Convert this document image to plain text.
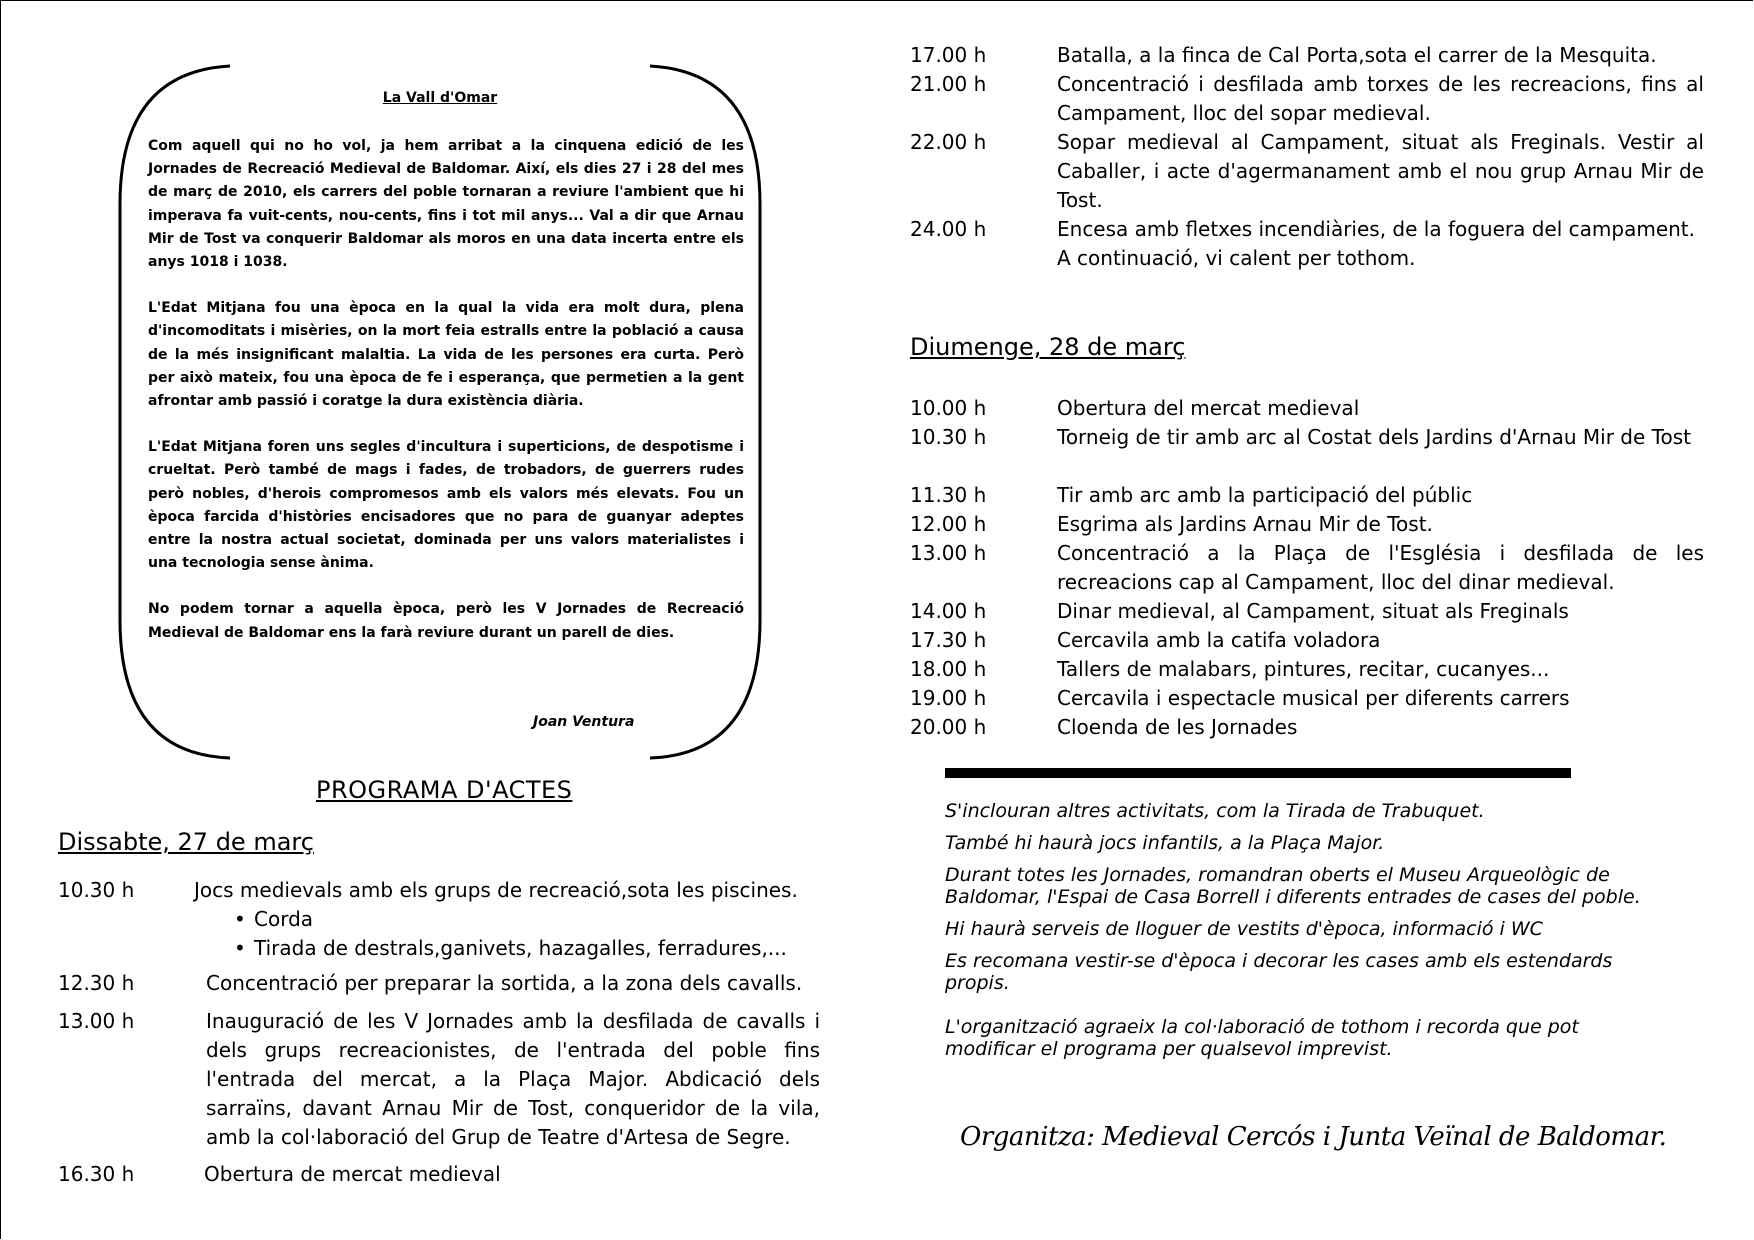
La Vall d'Omar

Com aquell qui no ho vol, ja hem arribat a la cinquena edició de les Jornades de Recreació Medieval de Baldomar. Així, els dies 27 i 28 del mes de març de 2010, els carrers del poble tornaran a reviure l'ambient que hi imperava fa vuit-cents, nou-cents, fins i tot mil anys... Val a dir que Arnau Mir de Tost va conquerir Baldomar als moros en una data incerta entre els anys 1018 i 1038.

L'Edat Mitjana fou una època en la qual la vida era molt dura, plena d'incomoditats i misèries, on la mort feia estralls entre la població a causa de la més insignificant malaltia. La vida de les persones era curta. Però per això mateix, fou una època de fe i esperança, que permetien a la gent afrontar amb passió i coratge la dura existència diària.

L'Edat Mitjana foren uns segles d'incultura i superticions, de despotisme i crueltat. Però també de mags i fades, de trobadors, de guerrers rudes però nobles, d'herois compromesos amb els valors més elevats. Fou un època farcida d'històries encisadores que no para de guanyar adeptes entre la nostra actual societat, dominada per uns valors materialistes i una tecnologia sense ànima.

No podem tornar a aquella època, però les V Jornades de Recreació Medieval de Baldomar ens la farà reviure durant un parell de dies.

Joan Ventura
PROGRAMA D'ACTES
Dissabte, 27 de març
10.30 h	Jocs medievals amb els grups de recreació,sota les piscines.
• Corda
• Tirada de destrals,ganivets, hazagalles, ferradures,...
12.30 h	Concentració per preparar la sortida, a la zona dels cavalls.
13.00 h	Inauguració de les V Jornades amb la desfilada de cavalls i dels grups recreacionistes, de l'entrada del poble fins l'entrada del mercat, a la Plaça Major. Abdicació dels sarraïns, davant Arnau Mir de Tost, conqueridor de la vila, amb la col·laboració del Grup de Teatre d'Artesa de Segre.
16.30 h	Obertura de mercat medieval
17.00 h	Batalla, a la finca de Cal Porta,sota el carrer de la Mesquita.
21.00 h	Concentració i desfilada amb torxes de les recreacions, fins al Campament, lloc del sopar medieval.
22.00 h	Sopar medieval al Campament, situat als Freginals. Vestir al Caballer, i acte d'agermanament amb el nou grup Arnau Mir de Tost.
24.00 h	Encesa amb fletxes incendiàries, de la foguera del campament.
A continuació, vi calent per tothom.
Diumenge, 28 de març
10.00 h	Obertura del mercat medieval
10.30 h	Torneig de tir amb arc al Costat dels Jardins d'Arnau Mir de Tost
11.30 h	Tir amb arc amb la participació del públic
12.00 h	Esgrima als Jardins Arnau Mir de Tost.
13.00 h	Concentració a la Plaça de l'Església i desfilada de les recreacions cap al Campament, lloc del dinar medieval.
14.00 h	Dinar medieval, al Campament, situat als Freginals
17.30 h	Cercavila amb la catifa voladora
18.00 h	Tallers de malabars, pintures, recitar, cucanyes...
19.00 h	Cercavila i espectacle musical per diferents carrers
20.00 h	Cloenda de les Jornades

S'inclouran altres activitats, com la Tirada de Trabuquet.

També hi haurà jocs infantils, a la Plaça Major.

Durant totes les Jornades, romandran oberts el Museu Arqueològic de Baldomar, l'Espai de Casa Borrell i diferents entrades de cases del poble.

Hi haurà serveis de lloguer de vestits d'època, informació i WC

Es recomana vestir-se d'època i decorar les cases amb els estendards propis.

L'organització agraeix la col·laboració de tothom i recorda que pot modificar el programa per qualsevol imprevist.

Organitza: Medieval Cercós i Junta Veïnal de Baldomar.
